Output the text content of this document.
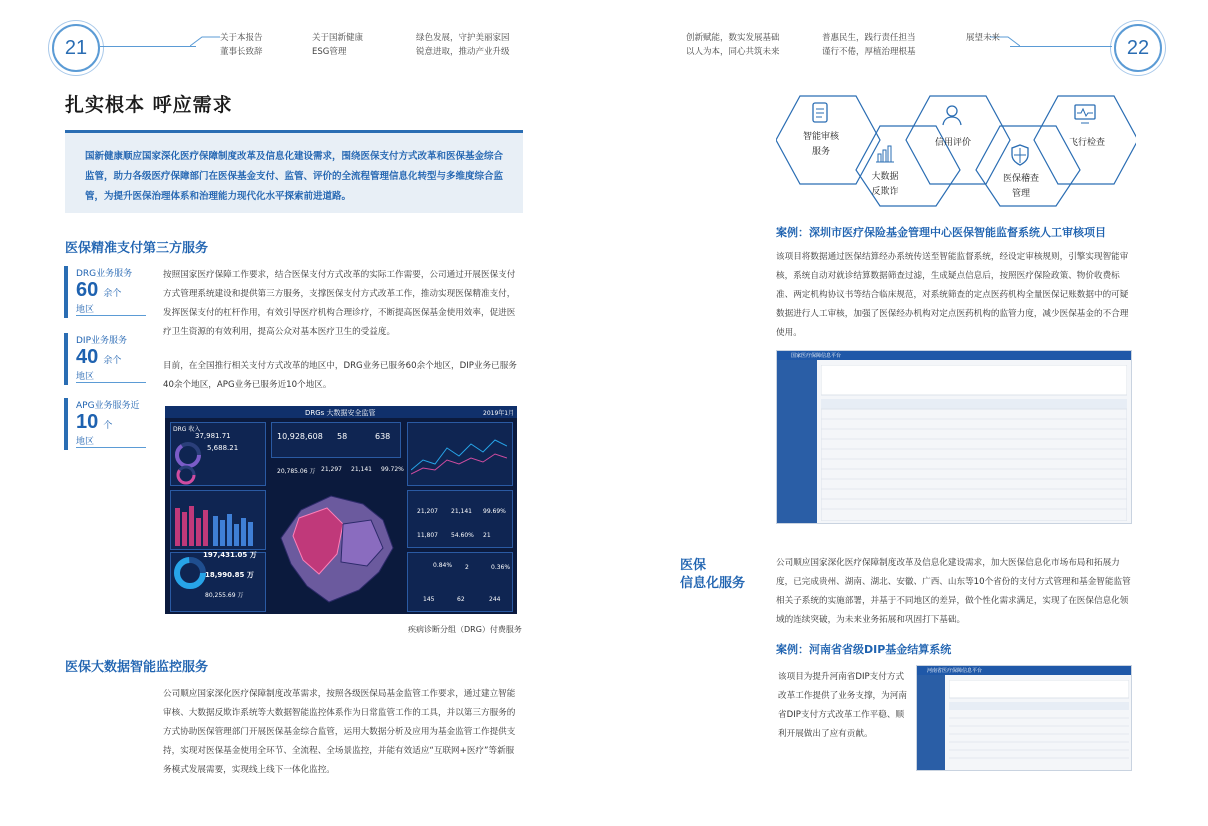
21	22
关于本报告
董事长致辞
关于国新健康
ESG管理
绿色发展，守护美丽家园
锐意进取，推动产业升级
创新赋能，数实发展基础
以人为本，同心共筑未来
普惠民生，践行责任担当
谨行不倦，厚植治理根基
展望未来
扎实根本 呼应需求

国新健康顺应国家深化医疗保障制度改革及信息化建设需求，围绕医保支付方式改革和医保基金综合监管，助力各级医疗保障部门在医保基金支付、监管、评价的全流程管理信息化转型与多维度综合监管，为提升医保治理体系和治理能力现代化水平探索前进道路。

医保精准支付第三方服务
DRG业务服务
60 余个
地区
DIP业务服务
40 余个
地区
APG业务服务近
10 个
地区
按照国家医疗保障工作要求，结合医保支付方式改革的实际工作需要，公司通过开展医保支付方式管理系统建设和提供第三方服务，支撑医保支付方式改革工作，推动实现医保精准支付，发挥医保支付的杠杆作用，有效引导医疗机构合理诊疗，不断提高医保基金使用效率，促进医疗卫生资源的有效利用，提高公众对基本医疗卫生的受益度。
目前，在全国推行相关支付方式改革的地区中，DRG业务已服务60余个地区，DIP业务已服务40余个地区，APG业务已服务近10个地区。
DRGs 大数据安全监管	2019年1月
DRG 收入
37,981.71
5,688.21
197,431.05 万
18,990.85 万
80,255.69 万
10,928,608 58	638
20,785.06 万 21,297 21,141 99.72%
21,207 21,141 99.69%
11,807 54.60% 21
0.84% 2	0.36%
145	62	244
疾病诊断分组（DRG）付费服务
医保大数据智能监控服务
公司顺应国家深化医疗保障制度改革需求，按照各级医保局基金监管工作要求，通过建立智能审核、大数据反欺诈系统等大数据智能监控体系作为日常监管工作的工具，并以第三方服务的方式协助医保管理部门开展医保基金综合监管，运用大数据分析及应用为基金监管工作提供支持，实现对医保基金使用全环节、全流程、全场景监控，并能有效适应“互联网+医疗”等新服务模式发展需要，实现线上线下一体化监控。
智能审核
服务
大数据
反欺诈
信用评价
医保稽查
管理
飞行检查
案例：深圳市医疗保险基金管理中心医保智能监督系统人工审核项目
该项目将数据通过医保结算经办系统传送至智能监督系统，经设定审核规则，引擎实现智能审核，系统自动对就诊结算数据筛查过滤，生成疑点信息后，按照医疗保险政策、物价收费标准、两定机构协议书等结合临床规范，对系统筛查的定点医药机构全量医保记账数据中的可疑数据进行人工审核，加强了医保经办机构对定点医药机构的监管力度，减少医保基金的不合理使用。
国家医疗保障信息平台
医保
信息化服务
公司顺应国家深化医疗保障制度改革及信息化建设需求，加大医保信息化市场布局和拓展力度，已完成贵州、湖南、湖北、安徽、广西、山东等10个省份的支付方式管理和基金智能监管相关子系统的实施部署，并基于不同地区的差异，做个性化需求满足，实现了在医保信息化领域的连续突破，为未来业务拓展和巩固打下基础。
案例：河南省省级DIP基金结算系统
该项目为提升河南省DIP支付方式改革工作提供了业务支撑，为河南省DIP支付方式改革工作平稳、顺利开展做出了应有贡献。
河南省医疗保障信息平台
